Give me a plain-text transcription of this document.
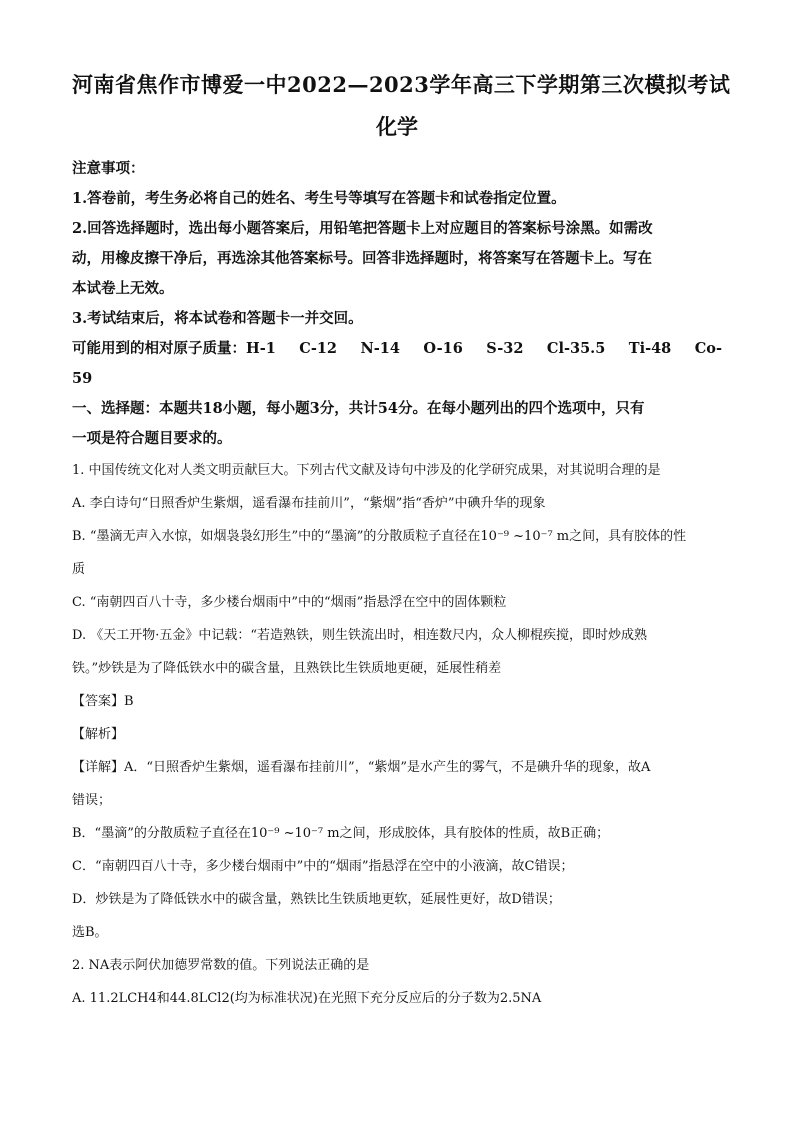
河南省焦作市博爱一中2022—2023学年高三下学期第三次模拟考试
化学

注意事项：

1.答卷前，考生务必将自己的姓名、考生号等填写在答题卡和试卷指定位置。

2.回答选择题时，选出每小题答案后，用铅笔把答题卡上对应题目的答案标号涂黑。如需改

动，用橡皮擦干净后，再选涂其他答案标号。回答非选择题时，将答案写在答题卡上。写在

本试卷上无效。

3.考试结束后，将本试卷和答题卡一并交回。

可能用到的相对原子质量：H-1 C-12 N-14 O-16 S-32 Cl-35.5 Ti-48 Co-

59

一、选择题：本题共18小题，每小题3分，共计54分。在每小题列出的四个选项中，只有

一项是符合题目要求的。

1. 中国传统文化对人类文明贡献巨大。下列古代文献及诗句中涉及的化学研究成果，对其说明合理的是

A. 李白诗句“日照香炉生紫烟，遥看瀑布挂前川”，“紫烟”指“香炉”中碘升华的现象

B. “墨滴无声入水惊，如烟袅袅幻形生”中的“墨滴”的分散质粒子直径在10⁻⁹ ~10⁻⁷ m之间，具有胶体的性

质

C. “南朝四百八十寺，多少楼台烟雨中”中的“烟雨”指悬浮在空中的固体颗粒

D. 《天工开物·五金》中记载：“若造熟铁，则生铁流出时，相连数尺内，众人柳棍疾搅，即时炒成熟

铁。”炒铁是为了降低铁水中的碳含量，且熟铁比生铁质地更硬，延展性稍差

【答案】B

【解析】

【详解】A．“日照香炉生紫烟，遥看瀑布挂前川”，“紫烟”是水产生的雾气，不是碘升华的现象，故A

错误；

B．“墨滴”的分散质粒子直径在10⁻⁹ ~10⁻⁷ m之间，形成胶体，具有胶体的性质，故B正确；

C．“南朝四百八十寺，多少楼台烟雨中”中的“烟雨”指悬浮在空中的小液滴，故C错误；

D．炒铁是为了降低铁水中的碳含量，熟铁比生铁质地更软，延展性更好，故D错误；

选B。

2. NA表示阿伏加德罗常数的值。下列说法正确的是

A. 11.2LCH4和44.8LCl2(均为标准状况)在光照下充分反应后的分子数为2.5NA
